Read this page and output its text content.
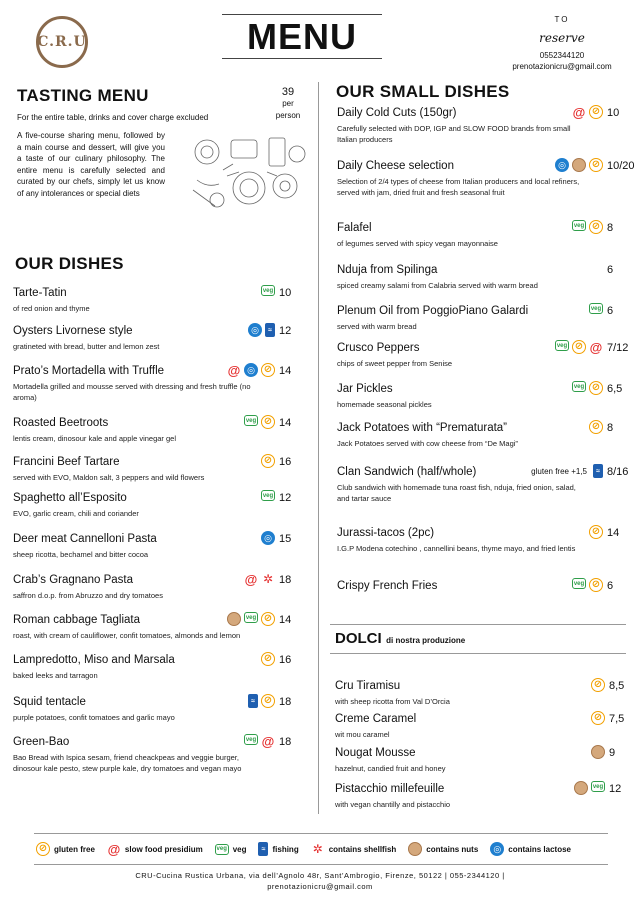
C.R.U	MENU	TO
reserve
0552344120
prenotazionicru@gmail.com
TASTING MENU	39
per
person
For the entire table, drinks and cover charge excluded
A five-course sharing menu, followed by a main course and dessert, will give you a taste of our culinary philosophy. The entire menu is carefully selected and curated by our chefs, simply let us know of any intolerances or special diets
OUR DISHES
Tarte-Tatin
of red onion and thyme
10
veg
Oysters Livornese style
gratineted with bread, butter and lemon zest
12
◎
≈
Prato’s Mortadella with Truffle
Mortadella grilled and mousse served with dressing and fresh truffle (no aroma)
14
@
◎
⊘
Roasted Beetroots
lentis cream, dinosour kale and apple vinegar gel
14
veg
⊘
Francini Beef Tartare
served with EVO, Maldon salt, 3 peppers and wild flowers
16
⊘
Spaghetto all’Esposito
EVO, garlic cream, chili and coriander
12
veg
Deer meat Cannelloni Pasta
sheep ricotta, bechamel and bitter cocoa
15
◎
Crab’s Gragnano Pasta
saffron d.o.p. from Abruzzo and dry tomatoes
18
@
✲
Roman cabbage Tagliata
roast, with cream of cauliflower, confit tomatoes, almonds and lemon
14
veg
⊘
Lampredotto, Miso and Marsala
baked leeks and tarragon
16
⊘
Squid tentacle
purple potatoes, confit tomatoes and garlic mayo
18
≈
⊘
Green-Bao
Bao Bread with Ispica sesam, friend cheackpeas and veggie burger, dinosour kale pesto, stew purple kale, dry tomatoes and vegan mayo
18
veg
@
OUR SMALL DISHES
Daily Cold Cuts (150gr)
Carefully selected with DOP, IGP and SLOW FOOD brands from small Italian producers
10
@
⊘
Daily Cheese selection
Selection of 2/4 types of cheese from Italian producers and local refiners, served with jam, dried fruit and fresh seasonal fruit
10/20
◎
⊘
Falafel
of legumes served with spicy vegan mayonnaise
8
veg
⊘
Nduja from Spilinga
spiced creamy salami from Calabria served with warm bread
6
Plenum Oil from PoggioPiano Galardi
served with warm bread
6
veg
Crusco Peppers
chips of sweet pepper from Senise
7/12
veg
⊘
@
Jar Pickles
homemade seasonal pickles
6,5
veg
⊘
Jack Potatoes with “Prematurata”
Jack Potatoes served with cow cheese from “De Magi”
8
⊘
Clan Sandwich (half/whole)
Club sandwich with homemade tuna roast fish, nduja, fried onion, salad, and tartar sauce
8/16
gluten free +1,5
≈
Jurassi-tacos (2pc)
I.G.P Modena cotechino , cannellini beans, thyme mayo, and fried lentis
14
⊘
Crispy French Fries	6
veg
⊘
DOLCI di nostra produzione
Cru Tiramisu
with sheep ricotta from Val D’Orcia
8,5
⊘
Creme Caramel
wit mou caramel
7,5
⊘
Nougat Mousse
hazelnut, candied fruit and honey
9
Pistacchio millefeuille
with vegan chantilly and pistacchio
12
veg
⊘
gluten free @	slow food presidium veg	veg ≈	fishing ✲	contains shellfish	contains nuts ◎	contains lactose
CRU-Cucina Rustica Urbana, via dell’Agnolo 48r, Sant’Ambrogio, Firenze, 50122 | 055-2344120 |
prenotazionicru@gmail.com
